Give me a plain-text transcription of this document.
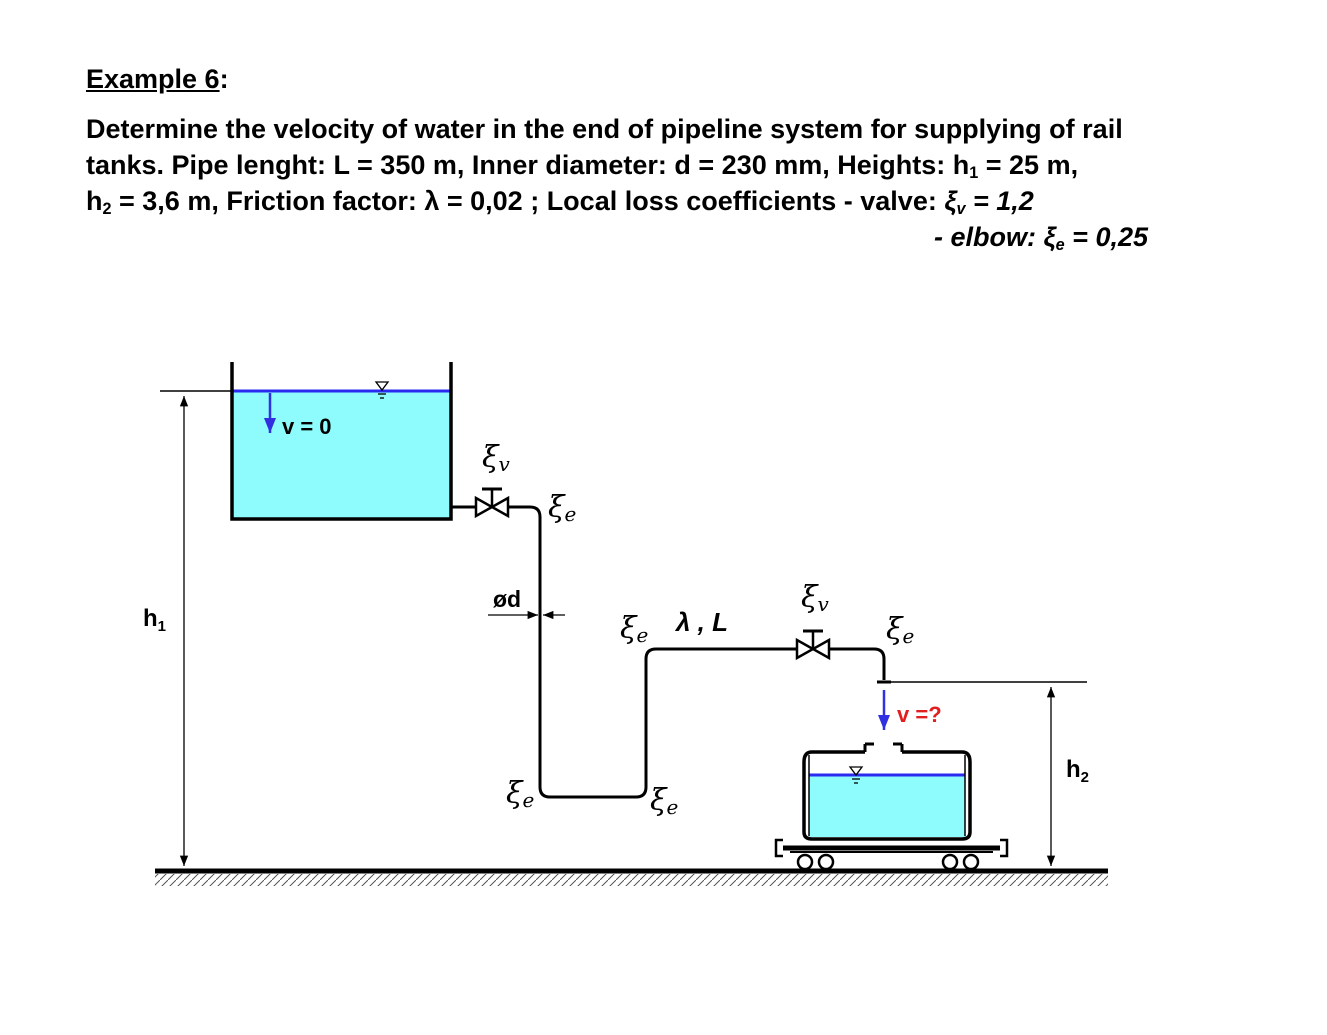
Example 6:
Determine the velocity of water in the end of pipeline system for supplying of rail
tanks. Pipe lenght: L = 350 m, Inner diameter: d = 230 mm, Heights: $h_1 = 25$ m,
$h_2 = 3,6$ m, Friction factor: λ = 0,02 ; Local loss coefficients - valve: $\xi_v = 1,2$
- elbow: $\xi_e = 0,25$
v = 0
$h_1$
ξv
ξe
ξe	ξe
ξe
ξv
ξe
λ , L
ød
$h_2$
v =?
